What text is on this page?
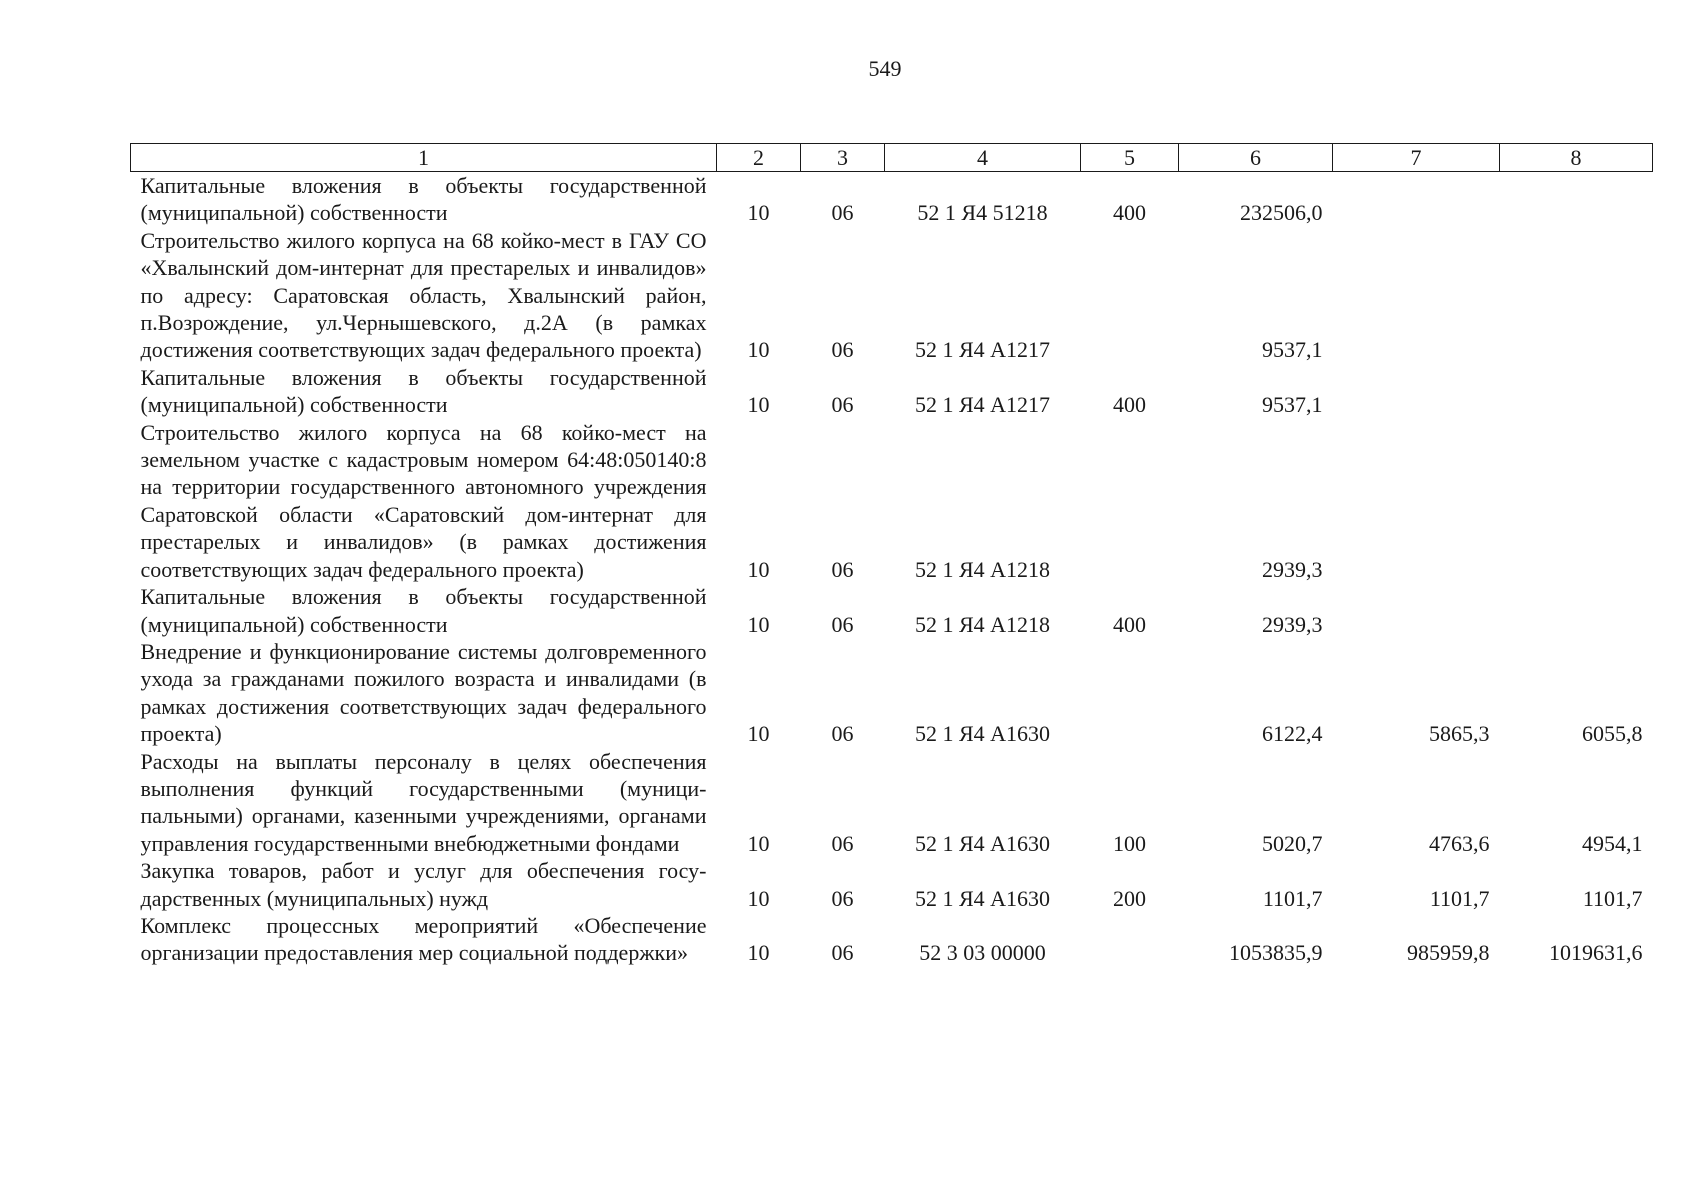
549
1	2	3	4	5	6	7	8
Капитальные вложения в объекты государственной (муниципальной) собственности	10	06	52 1 Я4 51218	400	232506,0		
Строительство жилого корпуса на 68 койко-мест в ГАУ СО «Хвалынский дом-интернат для престарелых и инвалидов» по адресу: Саратовская область, Хвалынский район, п.Возрождение, ул.Чернышевского, д.2А (в рамках достижения соответствующих задач федерального проекта)	10	06	52 1 Я4 А1217		9537,1		
Капитальные вложения в объекты государственной (муниципальной) собственности	10	06	52 1 Я4 А1217	400	9537,1		
Строительство жилого корпуса на 68 койко-мест на земельном участке с кадастровым номером 64:48:050140:8 на территории государственного автономного учреждения Саратовской области «Саратовский дом-интернат для престарелых и инвалидов» (в рамках достижения соответствующих задач федерального проекта)	10	06	52 1 Я4 А1218		2939,3		
Капитальные вложения в объекты государственной (муниципальной) собственности	10	06	52 1 Я4 А1218	400	2939,3		
Внедрение и функционирование системы долговременного ухода за гражданами пожилого возраста и инвалидами (в рамках достижения соответствующих задач федерального проекта)	10	06	52 1 Я4 А1630		6122,4	5865,3	6055,8
Расходы на выплаты персоналу в целях обеспечения выполнения функций государственными (муниципальными) органами, казенными учреждениями, органами управления государственными внебюджетными фондами	10	06	52 1 Я4 А1630	100	5020,7	4763,6	4954,1
Закупка товаров, работ и услуг для обеспечения государственных (муниципальных) нужд	10	06	52 1 Я4 А1630	200	1101,7	1101,7	1101,7
Комплекс процессных мероприятий «Обеспечение организации предоставления мер социальной поддержки»	10	06	52 3 03 00000		1053835,9	985959,8	1019631,6
